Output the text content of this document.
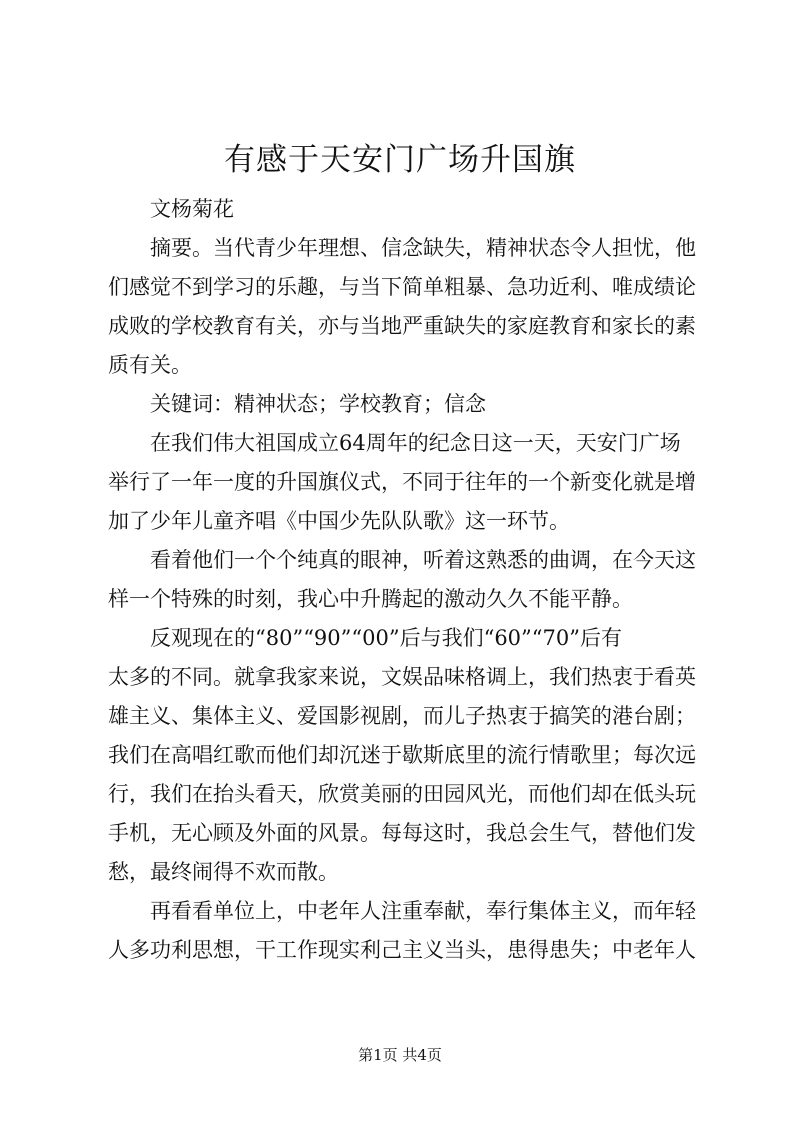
有感于天安门广场升国旗
文杨菊花
摘要。当代青少年理想、信念缺失，精神状态令人担忧，他
们感觉不到学习的乐趣，与当下简单粗暴、急功近利、唯成绩论
成败的学校教育有关，亦与当地严重缺失的家庭教育和家长的素
质有关。
关键词：精神状态；学校教育；信念
在我们伟大祖国成立64周年的纪念日这一天，天安门广场
举行了一年一度的升国旗仪式，不同于往年的一个新变化就是增
加了少年儿童齐唱《中国少先队队歌》这一环节。
看着他们一个个纯真的眼神，听着这熟悉的曲调，在今天这
样一个特殊的时刻，我心中升腾起的激动久久不能平静。
反观现在的“80”“90”“00”后与我们“60”“70”后有
太多的不同。就拿我家来说，文娱品味格调上，我们热衷于看英
雄主义、集体主义、爱国影视剧，而儿子热衷于搞笑的港台剧；
我们在高唱红歌而他们却沉迷于歇斯底里的流行情歌里；每次远
行，我们在抬头看天，欣赏美丽的田园风光，而他们却在低头玩
手机，无心顾及外面的风景。每每这时，我总会生气，替他们发
愁，最终闹得不欢而散。
再看看单位上，中老年人注重奉献，奉行集体主义，而年轻
人多功利思想，干工作现实利己主义当头，患得患失；中老年人
第1页 共4页
